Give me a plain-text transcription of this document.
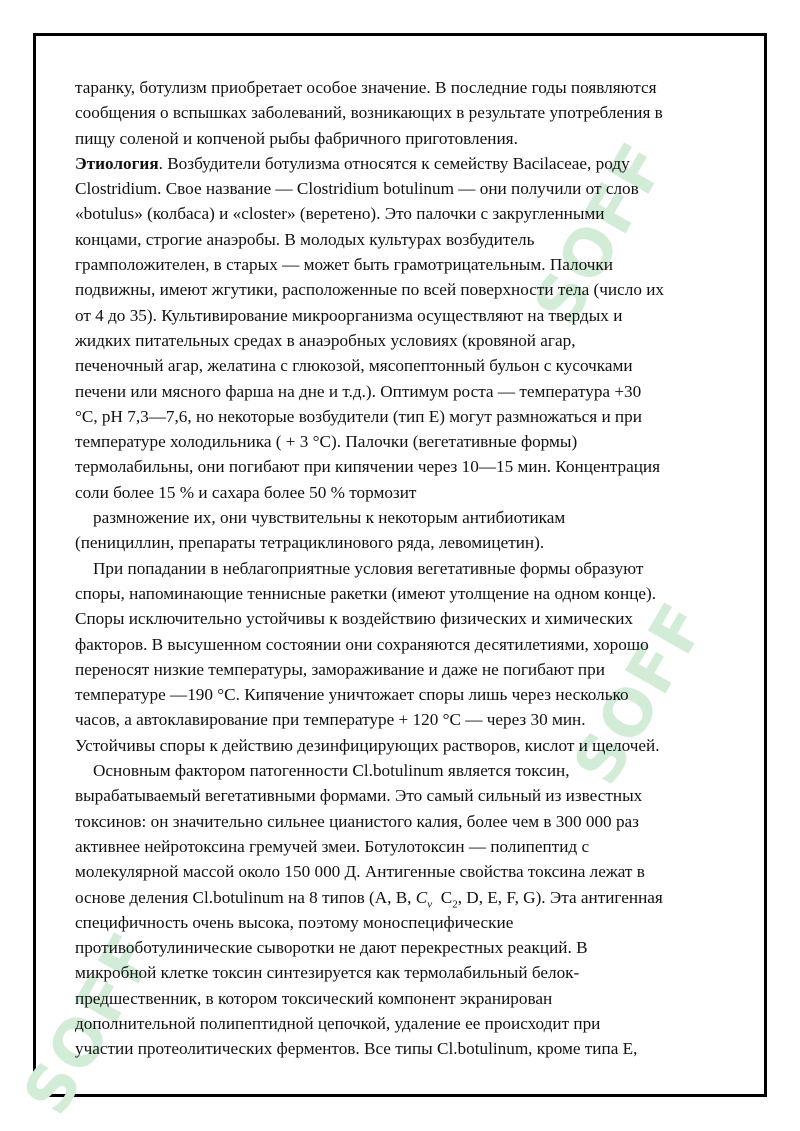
SOFF
SOFF
SOFF
таранку, ботулизм приобретает особое значение. В последние годы появляются
сообщения о вспышках заболеваний, возникающих в результате употребления в
пищу соленой и копченой рыбы фабричного приготовления.
Этиология. Возбудители ботулизма относятся к семейству Bacilaceae, роду
Clostridium. Свое название — Clostridium botulinum — они получили от слов
«botulus» (колбаса) и «closter» (веретено). Это палочки с закругленными
концами, строгие анаэробы. В молодых культурах возбудитель
грамположителен, в старых — может быть грамотрицательным. Палочки
подвижны, имеют жгутики, расположенные по всей поверхности тела (число их
от 4 до 35). Культивирование микроорганизма осуществляют на твердых и
жидких питательных средах в анаэробных условиях (кровяной агар,
печеночный агар, желатина с глюкозой, мясопептонный бульон с кусочками
печени или мясного фарша на дне и т.д.). Оптимум роста — температура +30
°С, pH 7,3—7,6, но некоторые возбудители (тип E) могут размножаться и при
температуре холодильника ( + 3 °С). Палочки (вегетативные формы)
термолабильны, они погибают при кипячении через 10—15 мин. Концентрация
соли более 15 % и сахара более 50 % тормозит
размножение их, они чувствительны к некоторым антибиотикам
(пенициллин, препараты тетрациклинового ряда, левомицетин).
При попадании в неблагоприятные условия вегетативные формы образуют
споры, напоминающие теннисные ракетки (имеют утолщение на одном конце).
Споры исключительно устойчивы к воздействию физических и химических
факторов. В высушенном состоянии они сохраняются десятилетиями, хорошо
переносят низкие температуры, замораживание и даже не погибают при
температуре —190 °С. Кипячение уничтожает споры лишь через несколько
часов, а автоклавирование при температуре + 120 °С — через 30 мин.
Устойчивы споры к действию дезинфицирующих растворов, кислот и щелочей.
Основным фактором патогенности Cl.botulinum является токсин,
вырабатываемый вегетативными формами. Это самый сильный из известных
токсинов: он значительно сильнее цианистого калия, более чем в 300 000 раз
активнее нейротоксина гремучей змеи. Ботулотоксин — полипептид с
молекулярной массой около 150 000 Д. Антигенные свойства токсина лежат в
основе деления Cl.botulinum на 8 типов (A, B, $C_v$ $C_2$, D, E, F, G). Эта антигенная
специфичность очень высока, поэтому моноспецифические
противоботулинические сыворотки не дают перекрестных реакций. В
микробной клетке токсин синтезируется как термолабильный белок-
предшественник, в котором токсический компонент экранирован
дополнительной полипептидной цепочкой, удаление ее происходит при
участии протеолитических ферментов. Все типы Cl.botulinum, кроме типа E,
